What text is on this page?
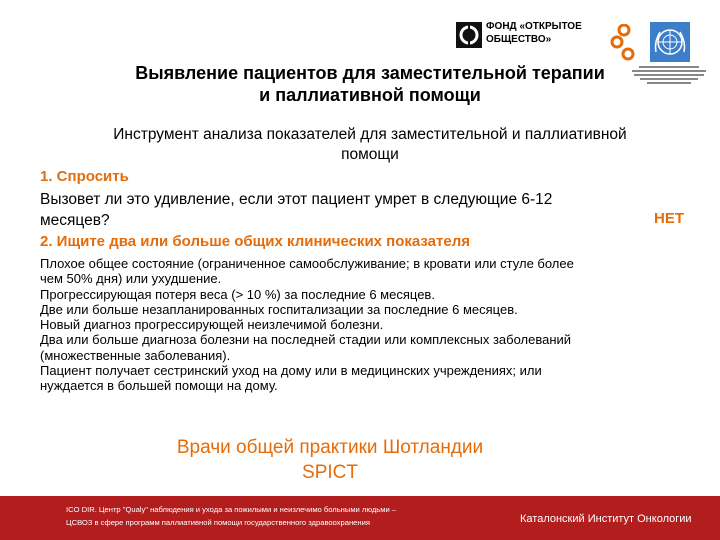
ФОНД «ОТКРЫТОЕ
ОБЩЕСТВО»
Выявление пациентов для заместительной терапии
и паллиативной помощи
Инструмент анализа показателей для заместительной и паллиативной
помощи
1. Спросить
Вызовет ли это удивление, если этот пациент умрет в следующие 6-12
месяцев?	НЕТ
2. Ищите два или больше общих клинических показателя
Плохое общее состояние (ограниченное самообслуживание; в кровати или стуле более
чем 50% дня) или ухудшение.
Прогрессирующая потеря веса (> 10 %) за последние 6 месяцев.
Две или больше незапланированных госпитализации за последние 6 месяцев.
Новый диагноз прогрессирующей неизлечимой болезни.
Два или больше диагноза болезни на последней стадии или комплексных заболеваний
(множественные заболевания).
Пациент получает сестринский уход на дому или в медицинских учреждениях; или
нуждается в большей помощи на дому.
Врачи общей практики Шотландии
SPICT
ICO DIR. Центр "Qualy" наблюдения и ухода за пожилыми и неизлечимо больными людьми –
ЦСВОЗ в сфере программ паллиативной помощи государственного здравоохранения	Каталонский Институт Онкологии
